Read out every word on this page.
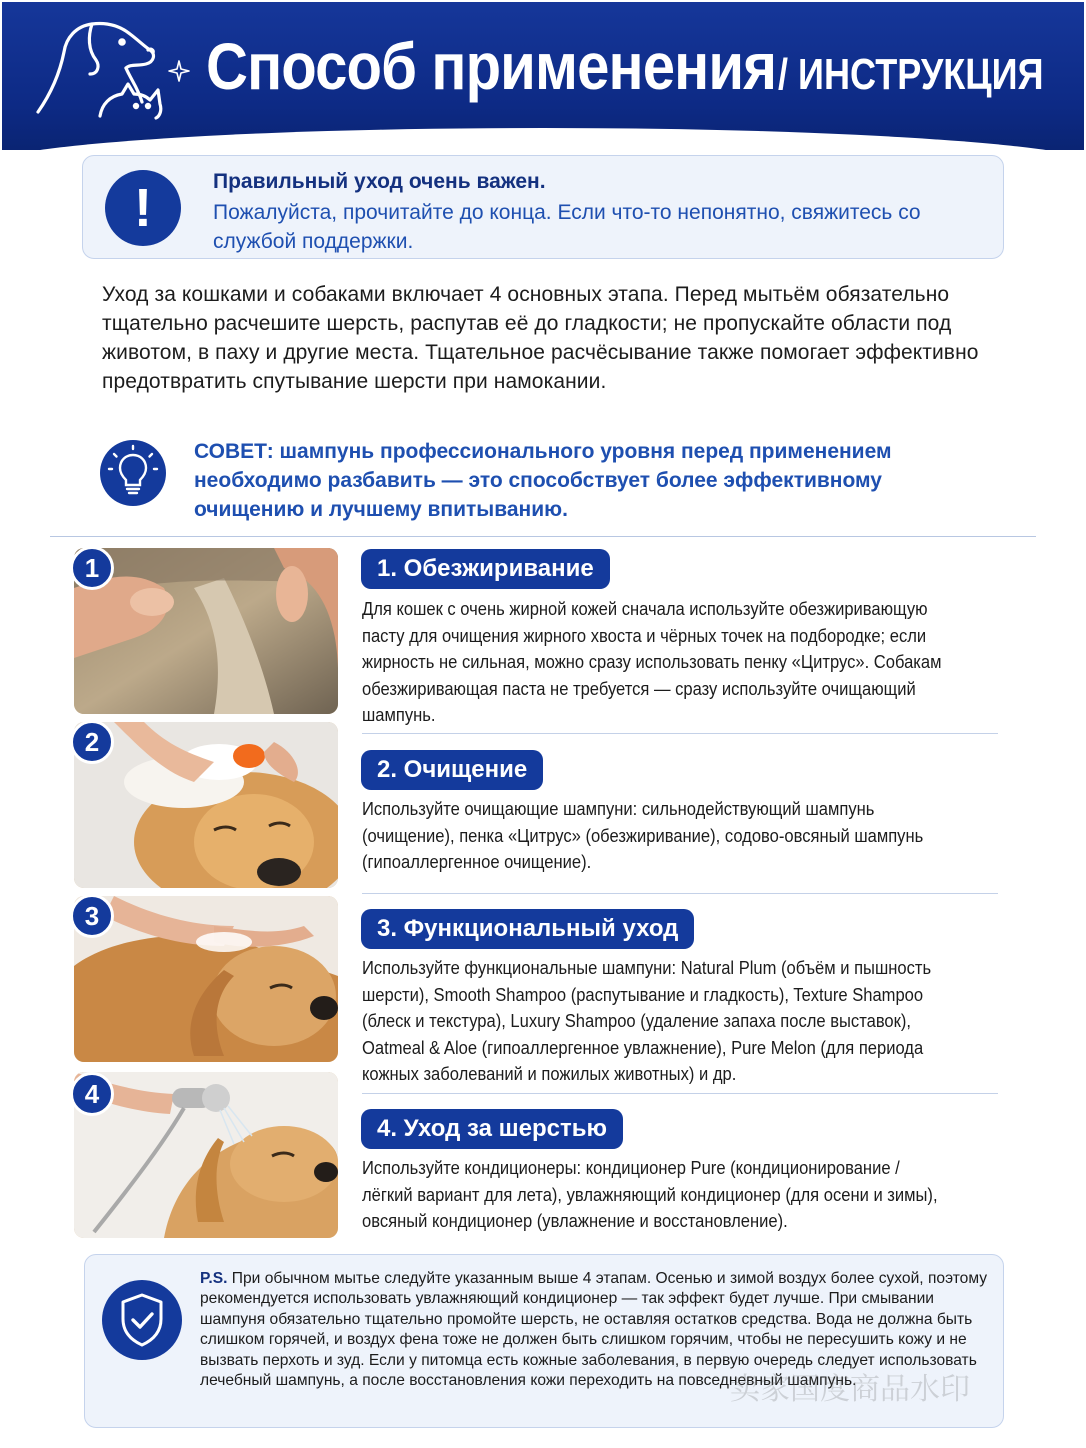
Способ применения / ИНСТРУКЦИЯ
!	Правильный уход очень важен.
Пожалуйста, прочитайте до конца. Если что-то непонятно, свяжитесь со службой поддержки.
Уход за кошками и собаками включает 4 основных этапа. Перед мытьём обязательно тщательно расчешите шерсть, распутав её до гладкости; не пропускайте области под животом, в паху и другие места. Тщательное расчёсывание также помогает эффективно предотвратить спутывание шерсти при намокании.
СОВЕТ: шампунь профессионального уровня перед применением необходимо разбавить — это способствует более эффективному очищению и лучшему впитыванию.
1	1. Обезжиривание
Для кошек с очень жирной кожей сначала используйте обезжиривающую пасту для очищения жирного хвоста и чёрных точек на подбородке; если жирность не сильная, можно сразу использовать пенку «Цитрус». Собакам обезжиривающая паста не требуется — сразу используйте очищающий шампунь.
2
2. Очищение
Используйте очищающие шампуни: сильнодействующий шампунь (очищение), пенка «Цитрус» (обезжиривание), содово-овсяный шампунь (гипоаллергенное очищение).
3	3. Функциональный уход
Используйте функциональные шампуни: Natural Plum (объём и пышность шерсти), Smooth Shampoo (распутывание и гладкость), Texture Shampoo (блеск и текстура), Luxury Shampoo (удаление запаха после выставок), Oatmeal & Aloe (гипоаллергенное увлажнение), Pure Melon (для периода кожных заболеваний и пожилых животных) и др.
4
4. Уход за шерстью
Используйте кондиционеры: кондиционер Pure (кондиционирование / лёгкий вариант для лета), увлажняющий кондиционер (для осени и зимы), овсяный кондиционер (увлажнение и восстановление).
P.S. При обычном мытье следуйте указанным выше 4 этапам. Осенью и зимой воздух более сухой, поэтому рекомендуется использовать увлажняющий кондиционер — так эффект будет лучше. При смывании шампуня обязательно тщательно промойте шерсть, не оставляя остатков средства. Вода не должна быть слишком горячей, и воздух фена тоже не должен быть слишком горячим, чтобы не пересушить кожу и не вызвать перхоть и зуд. Если у питомца есть кожные заболевания, в первую очередь следует использовать лечебный шампунь, а после восстановления кожи переходить на повседневный шампунь.
卖家国度商品水印
